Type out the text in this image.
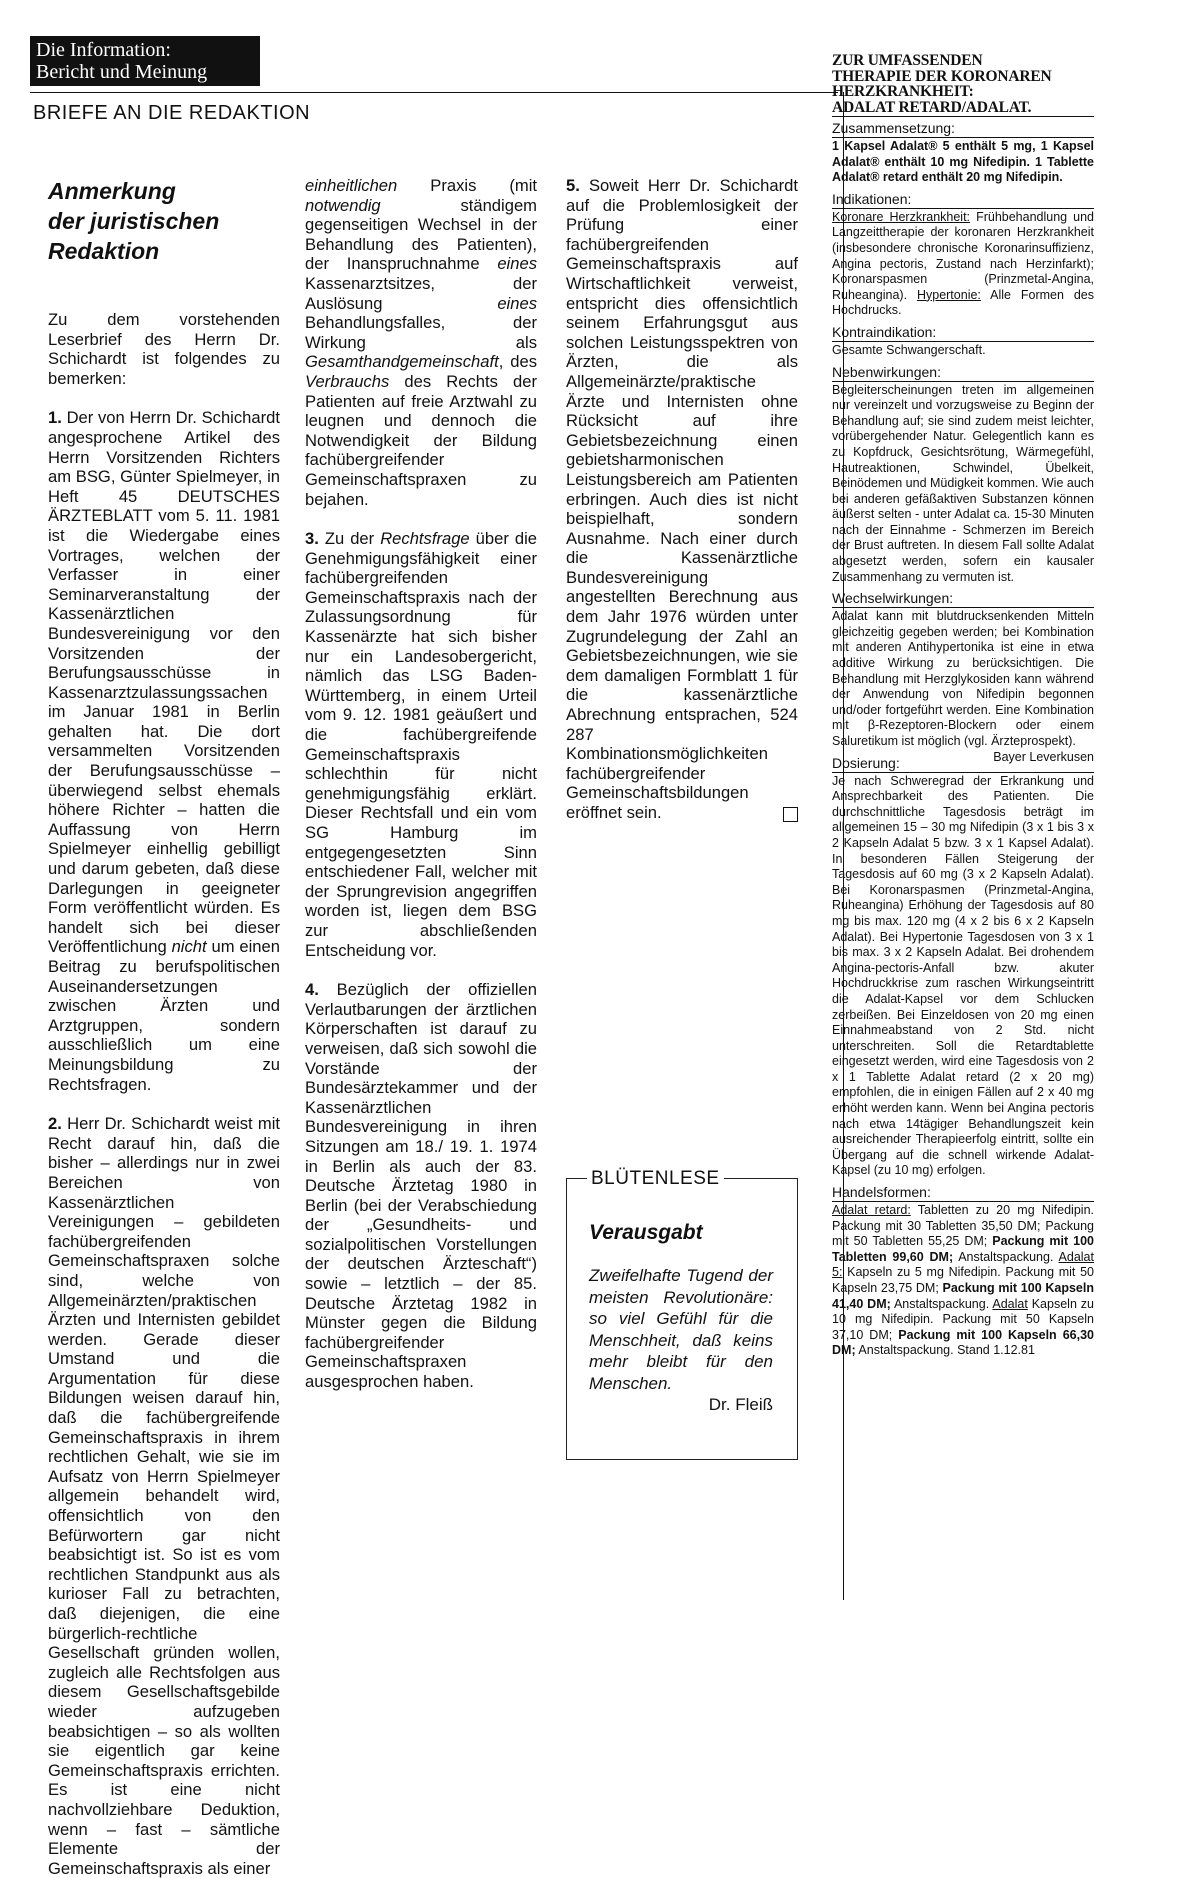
Die Information:
Bericht und Meinung
BRIEFE AN DIE REDAKTION
Anmerkung
der juristischen
Redaktion

Zu dem vorstehenden Leserbrief des Herrn Dr. Schichardt ist folgendes zu bemerken:

1. Der von Herrn Dr. Schichardt angesprochene Artikel des Herrn Vorsitzenden Richters am BSG, Günter Spielmeyer, in Heft 45 DEUTSCHES ÄRZTEBLATT vom 5. 11. 1981 ist die Wiedergabe eines Vortrages, welchen der Verfasser in einer Seminarveranstaltung der Kassenärztlichen Bundesvereinigung vor den Vorsitzenden der Berufungsausschüsse in Kassenarztzulassungssachen im Januar 1981 in Berlin gehalten hat. Die dort versammelten Vorsitzenden der Berufungsausschüsse – überwiegend selbst ehemals höhere Richter – hatten die Auffassung von Herrn Spielmeyer einhellig gebilligt und darum gebeten, daß diese Darlegungen in geeigneter Form veröffentlicht würden. Es handelt sich bei dieser Veröffentlichung nicht um einen Beitrag zu berufspolitischen Auseinandersetzungen zwischen Ärzten und Arztgruppen, sondern ausschließlich um eine Meinungsbildung zu Rechtsfragen.

2. Herr Dr. Schichardt weist mit Recht darauf hin, daß die bisher – allerdings nur in zwei Bereichen von Kassenärztlichen Vereinigungen – gebildeten fachübergreifenden Gemeinschaftspraxen solche sind, welche von Allgemeinärzten/praktischen Ärzten und Internisten gebildet werden. Gerade dieser Umstand und die Argumentation für diese Bildungen weisen darauf hin, daß die fachübergreifende Gemeinschaftspraxis in ihrem rechtlichen Gehalt, wie sie im Aufsatz von Herrn Spielmeyer allgemein behandelt wird, offensichtlich von den Befürwortern gar nicht beabsichtigt ist. So ist es vom rechtlichen Standpunkt aus als kurioser Fall zu betrachten, daß diejenigen, die eine bürgerlich-rechtliche Gesellschaft gründen wollen, zugleich alle Rechtsfolgen aus diesem Gesellschaftsgebilde wieder aufzugeben beabsichtigen – so als wollten sie eigentlich gar keine Gemeinschaftspraxis errichten. Es ist eine nicht nachvollziehbare Deduktion, wenn – fast – sämtliche Elemente der Gemeinschaftspraxis als einer

einheitlichen Praxis (mit notwendig	ständigem gegenseitigen Wechsel in der Behandlung des Patienten), der Inanspruchnahme eines Kassenarztsitzes, der Auslösung	eines Behandlungsfalles, der Wirkung als Gesamthandgemeinschaft, des Verbrauchs des Rechts der Patienten auf freie Arztwahl zu leugnen und dennoch die Notwendigkeit der Bildung fachübergreifender Gemeinschaftspraxen zu bejahen.

3. Zu der Rechtsfrage über die Genehmigungsfähigkeit einer fachübergreifenden Gemeinschaftspraxis nach der Zulassungsordnung für Kassenärzte hat sich bisher nur ein Landesobergericht, nämlich das LSG Baden-Württemberg, in einem Urteil vom 9. 12. 1981 geäußert und die fachübergreifende Gemeinschaftspraxis schlechthin für nicht genehmigungsfähig erklärt. Dieser Rechtsfall und ein vom SG Hamburg im entgegengesetzten Sinn entschiedener Fall, welcher mit der Sprungrevision angegriffen worden ist, liegen dem BSG zur abschließenden Entscheidung vor.

4. Bezüglich der offiziellen Verlautbarungen der ärztlichen Körperschaften ist darauf zu verweisen, daß sich sowohl die Vorstände der Bundesärztekammer und der Kassenärztlichen Bundesvereinigung in ihren Sitzungen am 18./ 19. 1. 1974 in Berlin als auch der 83. Deutsche Ärztetag 1980 in Berlin (bei der Verabschiedung der „Gesundheits- und sozialpolitischen Vorstellungen der deutschen Ärzteschaft“) sowie – letztlich – der 85. Deutsche Ärztetag 1982 in Münster gegen die Bildung fachübergreifender Gemeinschaftspraxen ausgesprochen haben.

5. Soweit Herr Dr. Schichardt auf die Problemlosigkeit der Prüfung einer fachübergreifenden Gemeinschaftspraxis auf Wirtschaftlichkeit verweist, entspricht dies offensichtlich seinem Erfahrungsgut aus solchen Leistungsspektren von Ärzten, die als Allgemeinärzte/praktische Ärzte und Internisten ohne Rücksicht auf ihre Gebietsbezeichnung einen gebietsharmonischen Leistungsbereich am Patienten erbringen. Auch dies ist nicht beispielhaft, sondern Ausnahme. Nach einer durch die Kassenärztliche Bundesvereinigung angestellten Berechnung aus dem Jahr 1976 würden unter Zugrundelegung der Zahl an Gebietsbezeichnungen, wie sie dem damaligen Formblatt 1 für die kassenärztliche Abrechnung entsprachen, 524 287 Kombinationsmöglichkeiten fachübergreifender Gemeinschaftsbildungen eröffnet sein.

BLÜTENLESE
Verausgabt
Zweifelhafte Tugend der meisten Revolutionäre: so viel Gefühl für die Menschheit, daß keins mehr bleibt für den Menschen.
Dr. Fleiß
ZUR UMFASSENDEN
THERAPIE DER KORONAREN
HERZKRANKHEIT:
ADALAT RETARD/ADALAT.
Zusammensetzung:
1 Kapsel Adalat® 5 enthält 5 mg, 1 Kapsel Adalat® enthält 10 mg Nifedipin. 1 Tablette Adalat® retard enthält 20 mg Nifedipin.
Indikationen:
Koronare Herzkrankheit: Frühbehandlung und Langzeittherapie der koronaren Herzkrankheit (insbesondere chronische Koronarinsuffizienz, Angina pectoris, Zustand nach Herzinfarkt); Koronarspasmen (Prinzmetal-Angina, Ruheangina). Hypertonie: Alle Formen des Hochdrucks.
Kontraindikation:
Gesamte Schwangerschaft.
Nebenwirkungen:
Begleiterscheinungen treten im allgemeinen nur vereinzelt und vorzugsweise zu Beginn der Behandlung auf; sie sind zudem meist leichter, vorübergehender Natur. Gelegentlich kann es zu Kopfdruck, Gesichtsrötung, Wärmegefühl, Hautreaktionen, Schwindel, Übelkeit, Beinödemen und Müdigkeit kommen. Wie auch bei anderen gefäßaktiven Substanzen können äußerst selten - unter Adalat ca. 15-30 Minuten nach der Einnahme - Schmerzen im Bereich der Brust auftreten. In diesem Fall sollte Adalat abgesetzt werden, sofern ein kausaler Zusammenhang zu vermuten ist.
Wechselwirkungen:
Adalat kann mit blutdrucksenkenden Mitteln gleichzeitig gegeben werden; bei Kombination mit anderen Antihypertonika ist eine in etwa additive Wirkung zu berücksichtigen. Die Behandlung mit Herzglykosiden kann während der Anwendung von Nifedipin begonnen und/oder fortgeführt werden. Eine Kombination mit β-Rezeptoren-Blockern oder einem Saluretikum ist möglich (vgl. Ärzteprospekt).
Bayer Leverkusen
Dosierung:
Je nach Schweregrad der Erkrankung und Ansprechbarkeit des Patienten. Die durchschnittliche Tagesdosis beträgt im allgemeinen 15 – 30 mg Nifedipin (3 x 1 bis 3 x 2 Kapseln Adalat 5 bzw. 3 x 1 Kapsel Adalat). In besonderen Fällen Steigerung der Tagesdosis auf 60 mg (3 x 2 Kapseln Adalat). Bei Koronarspasmen (Prinzmetal-Angina, Ruheangina) Erhöhung der Tagesdosis auf 80 mg bis max. 120 mg (4 x 2 bis 6 x 2 Kapseln Adalat). Bei Hypertonie Tagesdosen von 3 x 1 bis max. 3 x 2 Kapseln Adalat. Bei drohendem Angina-pectoris-Anfall bzw. akuter Hochdruckkrise zum raschen Wirkungseintritt die Adalat-Kapsel vor dem Schlucken zerbeißen. Bei Einzeldosen von 20 mg einen Einnahmeabstand von 2 Std. nicht unterschreiten. Soll die Retardtablette eingesetzt werden, wird eine Tagesdosis von 2 x 1 Tablette Adalat retard (2 x 20 mg) empfohlen, die in einigen Fällen auf 2 x 40 mg erhöht werden kann. Wenn bei Angina pectoris nach etwa 14tägiger Behandlungszeit kein ausreichender Therapieerfolg eintritt, sollte ein Übergang auf die schnell wirkende Adalat-Kapsel (zu 10 mg) erfolgen.
Handelsformen:
Adalat retard: Tabletten zu 20 mg Nifedipin. Packung mit 30 Tabletten 35,50 DM; Packung mit 50 Tabletten 55,25 DM; Packung mit 100 Tabletten 99,60 DM; Anstaltspackung. Adalat 5: Kapseln zu 5 mg Nifedipin. Packung mit 50 Kapseln 23,75 DM; Packung mit 100 Kapseln 41,40 DM; Anstaltspackung. Adalat Kapseln zu 10 mg Nifedipin. Packung mit 50 Kapseln 37,10 DM; Packung mit 100 Kapseln 66,30 DM; Anstaltspackung. Stand 1.12.81
